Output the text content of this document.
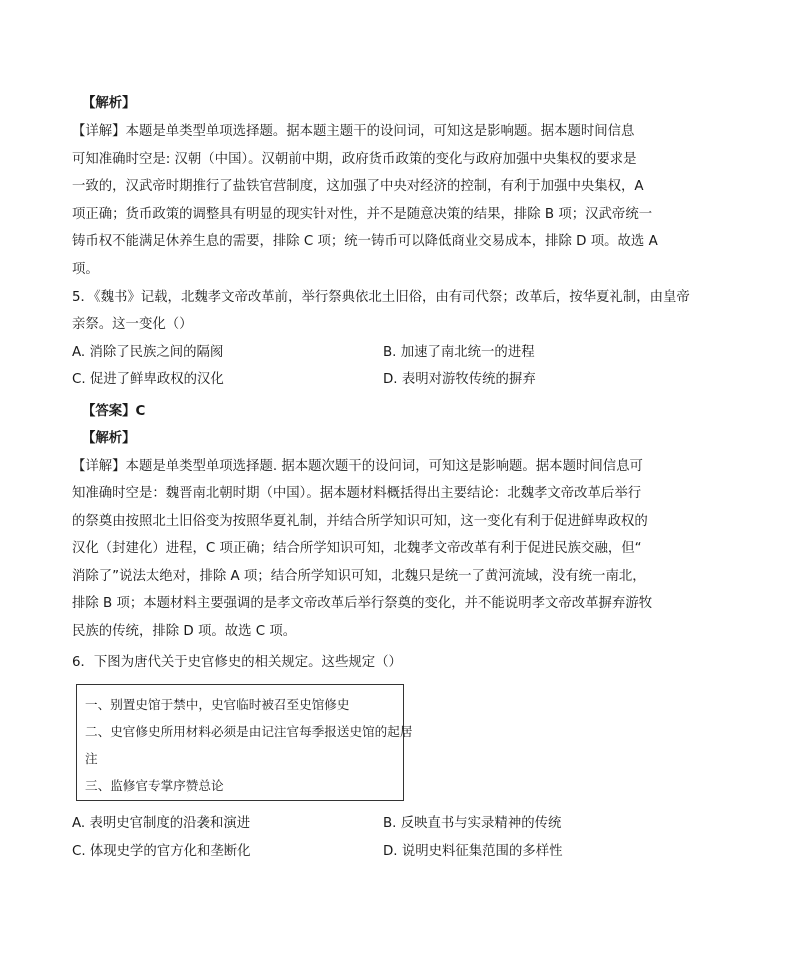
【解析】
【详解】本题是单类型单项选择题。据本题主题干的设问词，可知这是影响题。据本题时间信息
可知准确时空是: 汉朝（中国）。汉朝前中期，政府货币政策的变化与政府加强中央集权的要求是
一致的，汉武帝时期推行了盐铁官营制度，这加强了中央对经济的控制，有利于加强中央集权，A
项正确；货币政策的调整具有明显的现实针对性，并不是随意决策的结果，排除 B 项；汉武帝统一
铸币权不能满足休养生息的需要，排除 C 项；统一铸币可以降低商业交易成本，排除 D 项。故选 A
项。
5．《魏书》记载，北魏孝文帝改革前，举行祭典依北土旧俗，由有司代祭；改革后，按华夏礼制，由皇帝
亲祭。这一变化（）
A. 消除了民族之间的隔阂	B. 加速了南北统一的进程
C. 促进了鲜卑政权的汉化	D. 表明对游牧传统的摒弃
【答案】C
【解析】
【详解】本题是单类型单项选择题. 据本题次题干的设问词，可知这是影响题。据本题时间信息可
知准确时空是：魏晋南北朝时期（中国）。据本题材料概括得出主要结论：北魏孝文帝改革后举行
的祭奠由按照北土旧俗变为按照华夏礼制，并结合所学知识可知，这一变化有利于促进鲜卑政权的
汉化（封建化）进程，C 项正确；结合所学知识可知，北魏孝文帝改革有利于促进民族交融，但“
消除了”说法太绝对，排除 A 项；结合所学知识可知，北魏只是统一了黄河流域，没有统一南北，
排除 B 项；本题材料主要强调的是孝文帝改革后举行祭奠的变化，并不能说明孝文帝改革摒弃游牧
民族的传统，排除 D 项。故选 C 项。
6．下图为唐代关于史官修史的相关规定。这些规定（）
一、别置史馆于禁中，史官临时被召至史馆修史
二、史官修史所用材料必须是由记注官每季报送史馆的起居
注
三、监修官专掌序赞总论
A. 表明史官制度的沿袭和演进	B. 反映直书与实录精神的传统
C. 体现史学的官方化和垄断化	D. 说明史料征集范围的多样性
